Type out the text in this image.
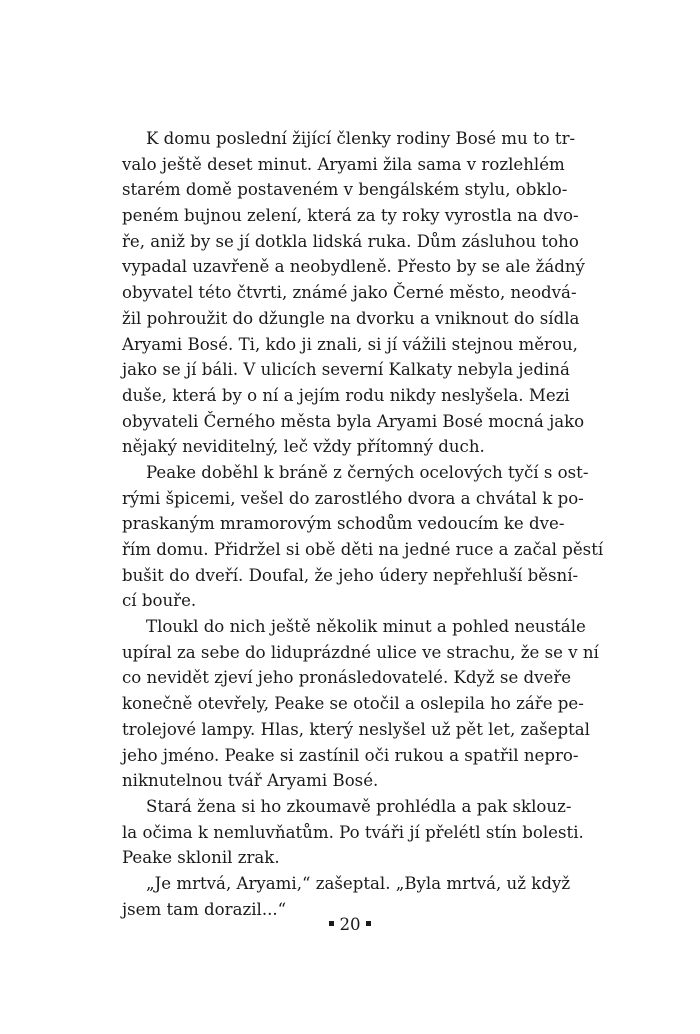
K domu poslední žijící členky rodiny Bosé mu to tr-
valo ještě deset minut. Aryami žila sama v rozlehlém
starém domě postaveném v bengálském stylu, obklo-
peném bujnou zelení, která za ty roky vyrostla na dvo-
ře, aniž by se jí dotkla lidská ruka. Dům zásluhou toho
vypadal uzavřeně a neobydleně. Přesto by se ale žádný
obyvatel této čtvrti, známé jako Černé město, neodvá-
žil pohroužit do džungle na dvorku a vniknout do sídla
Aryami Bosé. Ti, kdo ji znali, si jí vážili stejnou měrou,
jako se jí báli. V ulicích severní Kalkaty nebyla jediná
duše, která by o ní a jejím rodu nikdy neslyšela. Mezi
obyvateli Černého města byla Aryami Bosé mocná jako
nějaký neviditelný, leč vždy přítomný duch.
Peake doběhl k bráně z černých ocelových tyčí s ost-
rými špicemi, vešel do zarostlého dvora a chvátal k po-
praskaným mramorovým schodům vedoucím ke dve-
řím domu. Přidržel si obě děti na jedné ruce a začal pěstí
bušit do dveří. Doufal, že jeho údery nepřehluší běsní-
cí bouře.
Tloukl do nich ještě několik minut a pohled neustále
upíral za sebe do liduprázdné ulice ve strachu, že se v ní
co nevidět zjeví jeho pronásledovatelé. Když se dveře
konečně otevřely, Peake se otočil a oslepila ho záře pe-
trolejové lampy. Hlas, který neslyšel už pět let, zašeptal
jeho jméno. Peake si zastínil oči rukou a spatřil nepro-
niknutelnou tvář Aryami Bosé.
Stará žena si ho zkoumavě prohlédla a pak sklouz-
la očima k nemluvňatům. Po tváři jí přelétl stín bolesti.
Peake sklonil zrak.
„Je mrtvá, Aryami,“ zašeptal. „Byla mrtvá, už když
jsem tam dorazil...“
20
